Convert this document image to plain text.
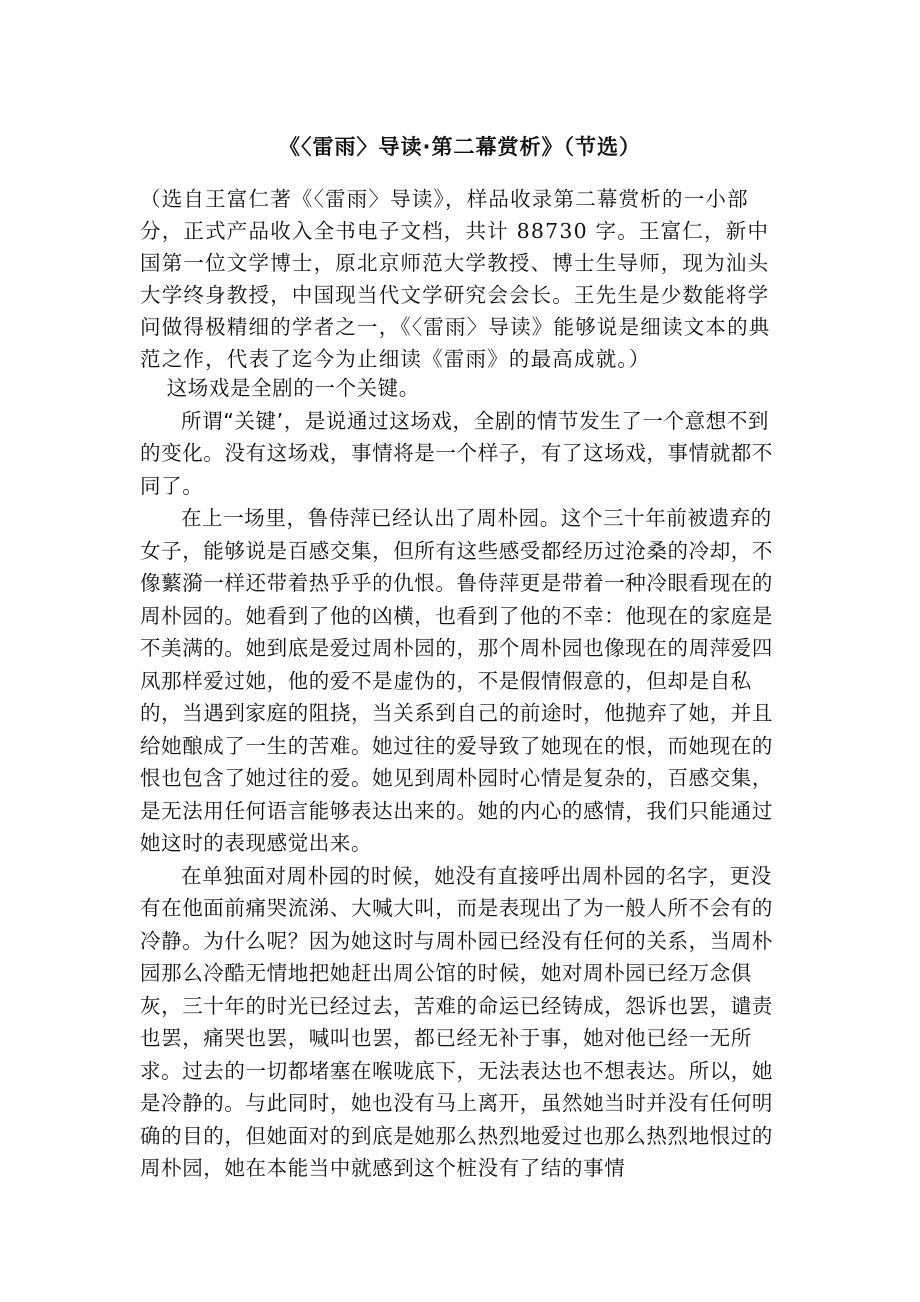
《〈雷雨〉导读·第二幕赏析》（节选）

（选自王富仁著《〈雷雨〉导读》，样品收录第二幕赏析的一小部分，正式产品收入全书电子文档，共计 88730 字。王富仁，新中国第一位文学博士，原北京师范大学教授、博士生导师，现为汕头大学终身教授，中国现当代文学研究会会长。王先生是少数能将学问做得极精细的学者之一，《〈雷雨〉导读》能够说是细读文本的典范之作，代表了迄今为止细读《雷雨》的最高成就。）

这场戏是全剧的一个关键。

所谓“关键’，是说通过这场戏，全剧的情节发生了一个意想不到的变化。没有这场戏，事情将是一个样子，有了这场戏，事情就都不同了。

在上一场里，鲁侍萍已经认出了周朴园。这个三十年前被遗弃的女子，能够说是百感交集，但所有这些感受都经历过沧桑的冷却，不像蘩漪一样还带着热乎乎的仇恨。鲁侍萍更是带着一种冷眼看现在的周朴园的。她看到了他的凶横，也看到了他的不幸：他现在的家庭是不美满的。她到底是爱过周朴园的，那个周朴园也像现在的周萍爱四凤那样爱过她，他的爱不是虚伪的，不是假情假意的，但却是自私的，当遇到家庭的阻挠，当关系到自己的前途时，他抛弃了她，并且给她酿成了一生的苦难。她过往的爱导致了她现在的恨，而她现在的恨也包含了她过往的爱。她见到周朴园时心情是复杂的，百感交集，是无法用任何语言能够表达出来的。她的内心的感情，我们只能通过她这时的表现感觉出来。

在单独面对周朴园的时候，她没有直接呼出周朴园的名字，更没有在他面前痛哭流涕、大喊大叫，而是表现出了为一般人所不会有的冷静。为什么呢？因为她这时与周朴园已经没有任何的关系，当周朴园那么冷酷无情地把她赶出周公馆的时候，她对周朴园已经万念俱灰，三十年的时光已经过去，苦难的命运已经铸成，怨诉也罢，谴责也罢，痛哭也罢，喊叫也罢，都已经无补于事，她对他已经一无所求。过去的一切都堵塞在喉咙底下，无法表达也不想表达。所以，她是冷静的。与此同时，她也没有马上离开，虽然她当时并没有任何明确的目的，但她面对的到底是她那么热烈地爱过也那么热烈地恨过的周朴园，她在本能当中就感到这个桩没有了结的事情
